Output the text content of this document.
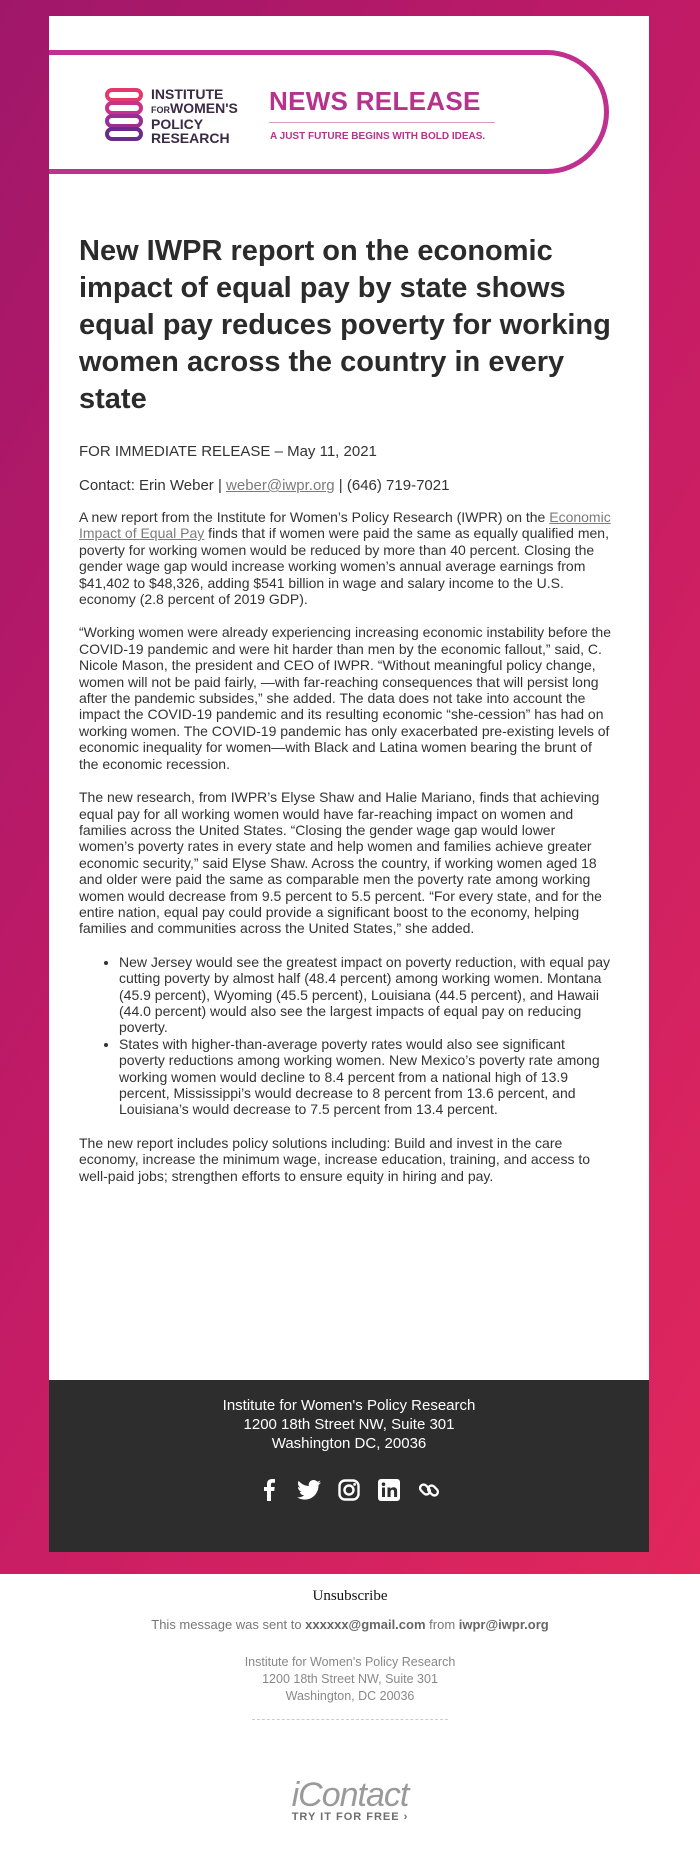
INSTITUTE
FORWOMEN'S
POLICY
RESEARCH
NEWS RELEASE
A JUST FUTURE BEGINS WITH BOLD IDEAS.
New IWPR report on the economic impact of equal pay by state shows equal pay reduces poverty for working women across the country in every state
FOR IMMEDIATE RELEASE – May 11, 2021
Contact: Erin Weber | weber@iwpr.org | (646) 719-7021

A new report from the Institute for Women’s Policy Research (IWPR) on the Economic Impact of Equal Pay finds that if women were paid the same as equally qualified men, poverty for working women would be reduced by more than 40 percent. Closing the gender wage gap would increase working women’s annual average earnings from $41,402 to $48,326, adding $541 billion in wage and salary income to the U.S. economy (2.8 percent of 2019 GDP).

“Working women were already experiencing increasing economic instability before the COVID-19 pandemic and were hit harder than men by the economic fallout,” said, C. Nicole Mason, the president and CEO of IWPR. “Without meaningful policy change, women will not be paid fairly, —with far-reaching consequences that will persist long after the pandemic subsides,” she added. The data does not take into account the impact the COVID-19 pandemic and its resulting economic “she-cession” has had on working women. The COVID-19 pandemic has only exacerbated pre-existing levels of economic inequality for women—with Black and Latina women bearing the brunt of the economic recession.

The new research, from IWPR’s Elyse Shaw and Halie Mariano, finds that achieving equal pay for all working women would have far-reaching impact on women and families across the United States. “Closing the gender wage gap would lower women’s poverty rates in every state and help women and families achieve greater economic security,” said Elyse Shaw. Across the country, if working women aged 18 and older were paid the same as comparable men the poverty rate among working women would decrease from 9.5 percent to 5.5 percent. “For every state, and for the entire nation, equal pay could provide a significant boost to the economy, helping families and communities across the United States,” she added.

• New Jersey would see the greatest impact on poverty reduction, with equal pay cutting poverty by almost half (48.4 percent) among working women. Montana (45.9 percent), Wyoming (45.5 percent), Louisiana (44.5 percent), and Hawaii (44.0 percent) would also see the largest impacts of equal pay on reducing poverty.
• States with higher-than-average poverty rates would also see significant poverty reductions among working women. New Mexico’s poverty rate among working women would decline to 8.4 percent from a national high of 13.9 percent, Mississippi’s would decrease to 8 percent from 13.6 percent, and Louisiana’s would decrease to 7.5 percent from 13.4 percent.

The new report includes policy solutions including: Build and invest in the care economy, increase the minimum wage, increase education, training, and access to well-paid jobs; strengthen efforts to ensure equity in hiring and pay.

Institute for Women's Policy Research
1200 18th Street NW, Suite 301
Washington DC, 20036
Unsubscribe
This message was sent to xxxxxx@gmail.com from iwpr@iwpr.org
Institute for Women's Policy Research
1200 18th Street NW, Suite 301
Washington, DC 20036
iContact
TRY IT FOR FREE ›
